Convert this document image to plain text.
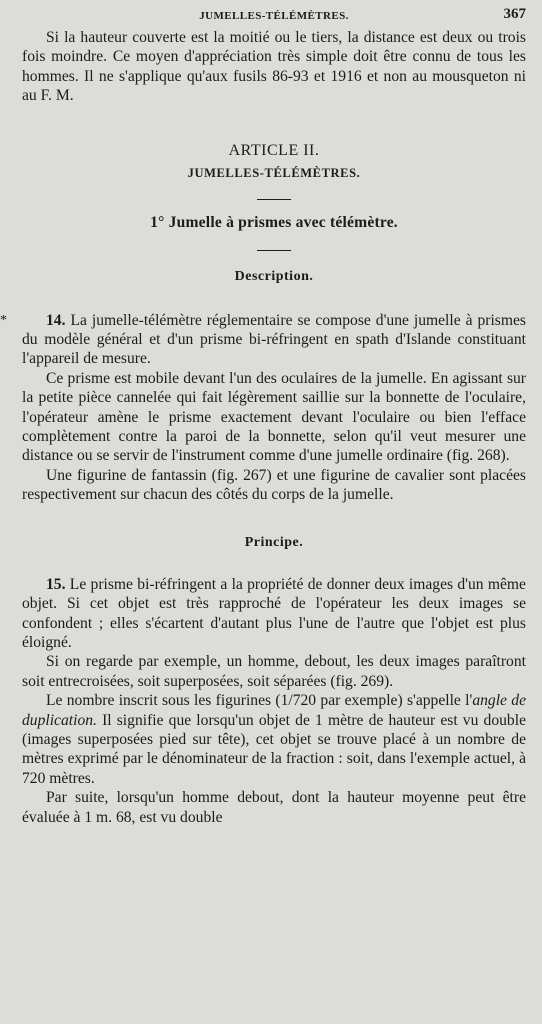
JUMELLES-TÉLÉMÈTRES.	367

Si la hauteur couverte est la moitié ou le tiers, la distance est deux ou trois fois moindre. Ce moyen d'appréciation très simple doit être connu de tous les hommes. Il ne s'applique qu'aux fusils 86-93 et 1916 et non au mousqueton ni au F. M.

ARTICLE II.
JUMELLES-TÉLÉMÈTRES.
1° Jumelle à prismes avec télémètre.
Description.

*	14. La jumelle-télémètre réglementaire se compose d'une jumelle à prismes du modèle général et d'un prisme bi-réfringent en spath d'Islande constituant l'appareil de mesure.

Ce prisme est mobile devant l'un des oculaires de la jumelle. En agissant sur la petite pièce cannelée qui fait légèrement saillie sur la bonnette de l'oculaire, l'opérateur amène le prisme exactement devant l'oculaire ou bien l'efface complètement contre la paroi de la bonnette, selon qu'il veut mesurer une distance ou se servir de l'instrument comme d'une jumelle ordinaire (fig. 268).

Une figurine de fantassin (fig. 267) et une figurine de cavalier sont placées respectivement sur chacun des côtés du corps de la jumelle.

Principe.

15. Le prisme bi-réfringent a la propriété de donner deux images d'un même objet. Si cet objet est très rapproché de l'opérateur les deux images se confondent ; elles s'écartent d'autant plus l'une de l'autre que l'objet est plus éloigné.

Si on regarde par exemple, un homme, debout, les deux images paraîtront soit entrecroisées, soit superposées, soit séparées (fig. 269).

Le nombre inscrit sous les figurines (1/720 par exemple) s'appelle l'angle de duplication. Il signifie que lorsqu'un objet de 1 mètre de hauteur est vu double (images superposées pied sur tête), cet objet se trouve placé à un nombre de mètres exprimé par le dénominateur de la fraction : soit, dans l'exemple actuel, à 720 mètres.

Par suite, lorsqu'un homme debout, dont la hauteur moyenne peut être évaluée à 1 m. 68, est vu double
